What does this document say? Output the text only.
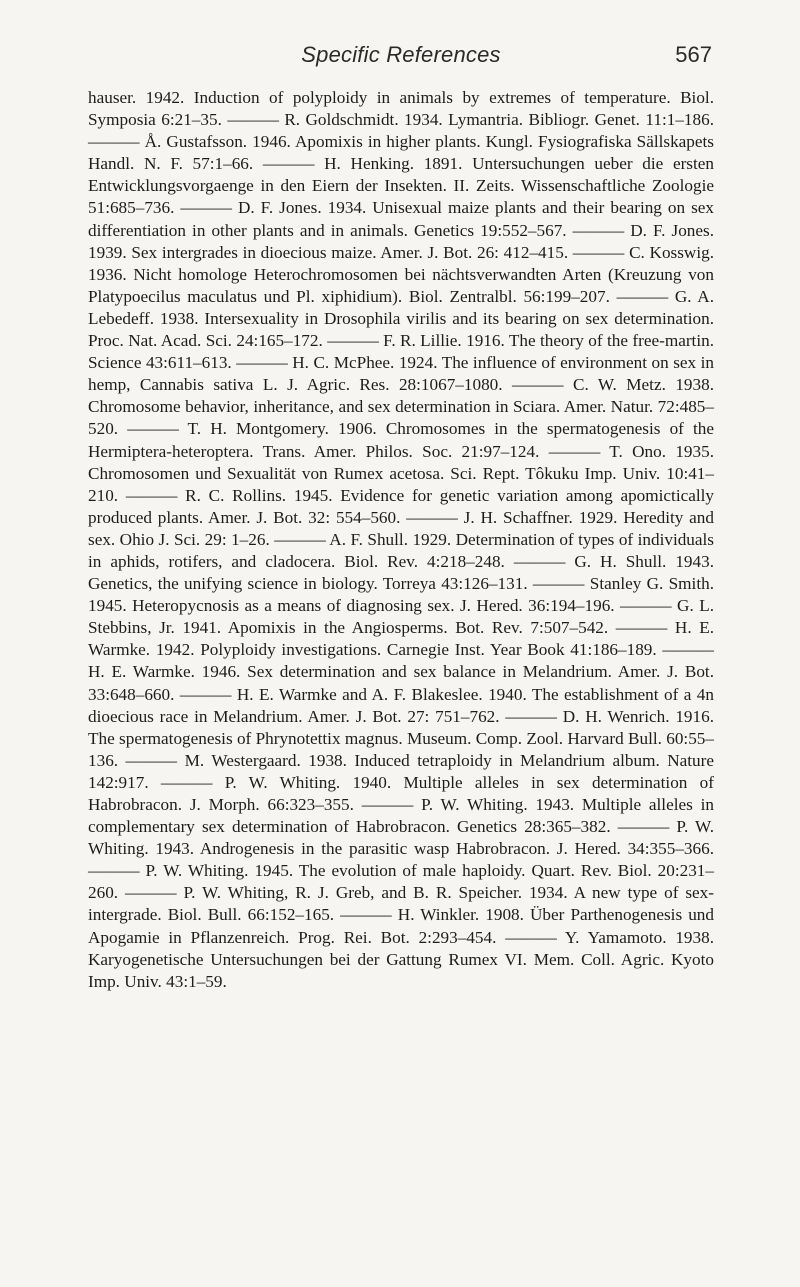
Specific References	567

hauser. 1942. Induction of polyploidy in animals by extremes of temperature. Biol. Symposia 6:21–35. ——— R. Goldschmidt. 1934. Lymantria. Bibliogr. Genet. 11:1–186. ——— Å. Gustafsson. 1946. Apomixis in higher plants. Kungl. Fysiografiska Sällskapets Handl. N. F. 57:1–66. ——— H. Henking. 1891. Untersuchungen ueber die ersten Entwicklungsvorgaenge in den Eiern der Insekten. II. Zeits. Wissenschaftliche Zoologie 51:685–736. ——— D. F. Jones. 1934. Unisexual maize plants and their bearing on sex differentiation in other plants and in animals. Genetics 19:552–567. ——— D. F. Jones. 1939. Sex intergrades in dioecious maize. Amer. J. Bot. 26: 412–415. ——— C. Kosswig. 1936. Nicht homologe Heterochromosomen bei nächtsverwandten Arten (Kreuzung von Platypoecilus maculatus und Pl. xiphidium). Biol. Zentralbl. 56:199–207. ——— G. A. Lebedeff. 1938. Intersexuality in Drosophila virilis and its bearing on sex determination. Proc. Nat. Acad. Sci. 24:165–172. ——— F. R. Lillie. 1916. The theory of the free-martin. Science 43:611–613. ——— H. C. McPhee. 1924. The influence of environment on sex in hemp, Cannabis sativa L. J. Agric. Res. 28:1067–1080. ——— C. W. Metz. 1938. Chromosome behavior, inheritance, and sex determination in Sciara. Amer. Natur. 72:485–520. ——— T. H. Montgomery. 1906. Chromosomes in the spermatogenesis of the Hermiptera-heteroptera. Trans. Amer. Philos. Soc. 21:97–124. ——— T. Ono. 1935. Chromosomen und Sexualität von Rumex acetosa. Sci. Rept. Tôkuku Imp. Univ. 10:41–210. ——— R. C. Rollins. 1945. Evidence for genetic variation among apomictically produced plants. Amer. J. Bot. 32: 554–560. ——— J. H. Schaffner. 1929. Heredity and sex. Ohio J. Sci. 29: 1–26. ——— A. F. Shull. 1929. Determination of types of individuals in aphids, rotifers, and cladocera. Biol. Rev. 4:218–248. ——— G. H. Shull. 1943. Genetics, the unifying science in biology. Torreya 43:126–131. ——— Stanley G. Smith. 1945. Heteropycnosis as a means of diagnosing sex. J. Hered. 36:194–196. ——— G. L. Stebbins, Jr. 1941. Apomixis in the Angiosperms. Bot. Rev. 7:507–542. ——— H. E. Warmke. 1942. Polyploidy investigations. Carnegie Inst. Year Book 41:186–189. ——— H. E. Warmke. 1946. Sex determination and sex balance in Melandrium. Amer. J. Bot. 33:648–660. ——— H. E. Warmke and A. F. Blakeslee. 1940. The establishment of a 4n dioecious race in Melandrium. Amer. J. Bot. 27: 751–762. ——— D. H. Wenrich. 1916. The spermatogenesis of Phrynotettix magnus. Museum. Comp. Zool. Harvard Bull. 60:55–136. ——— M. Westergaard. 1938. Induced tetraploidy in Melandrium album. Nature 142:917. ——— P. W. Whiting. 1940. Multiple alleles in sex determination of Habrobracon. J. Morph. 66:323–355. ——— P. W. Whiting. 1943. Multiple alleles in complementary sex determination of Habrobracon. Genetics 28:365–382. ——— P. W. Whiting. 1943. Androgenesis in the parasitic wasp Habrobracon. J. Hered. 34:355–366. ——— P. W. Whiting. 1945. The evolution of male haploidy. Quart. Rev. Biol. 20:231–260. ——— P. W. Whiting, R. J. Greb, and B. R. Speicher. 1934. A new type of sex-intergrade. Biol. Bull. 66:152–165. ——— H. Winkler. 1908. Über Parthenogenesis und Apogamie in Pflanzenreich. Prog. Rei. Bot. 2:293–454. ——— Y. Yamamoto. 1938. Karyogenetische Untersuchungen bei der Gattung Rumex VI. Mem. Coll. Agric. Kyoto Imp. Univ. 43:1–59.
